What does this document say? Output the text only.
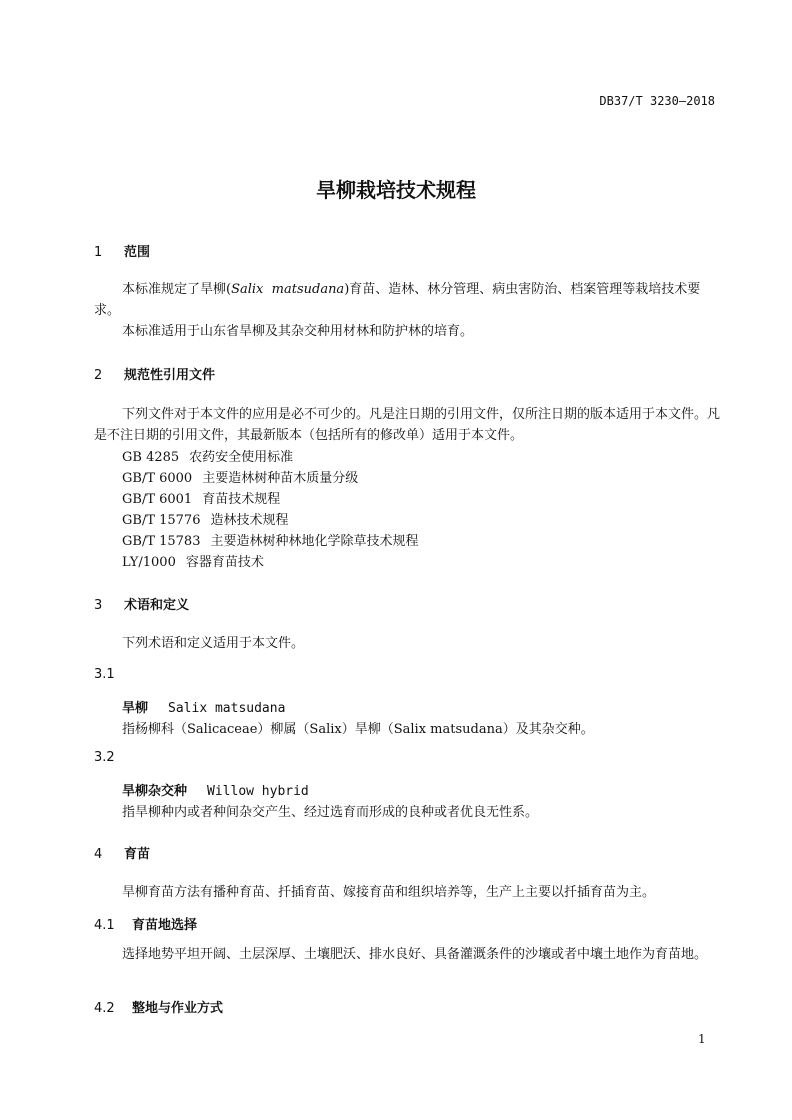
DB37/T 3230—2018
旱柳栽培技术规程
1 范围
本标准规定了旱柳(Salix  matsudana)育苗、造林、林分管理、病虫害防治、档案管理等栽培技术要求。
本标准适用于山东省旱柳及其杂交种用材林和防护林的培育。
2 规范性引用文件
下列文件对于本文件的应用是必不可少的。凡是注日期的引用文件，仅所注日期的版本适用于本文件。凡是不注日期的引用文件，其最新版本（包括所有的修改单）适用于本文件。
GB 4285 农药安全使用标准
GB/T 6000 主要造林树种苗木质量分级
GB/T 6001 育苗技术规程
GB/T 15776 造林技术规程
GB/T 15783 主要造林树种林地化学除草技术规程
LY/1000 容器育苗技术
3 术语和定义
下列术语和定义适用于本文件。
3.1
旱柳 Salix matsudana
指杨柳科（Salicaceae）柳属（Salix）旱柳（Salix matsudana）及其杂交种。
3.2
旱柳杂交种 Willow hybrid
指旱柳种内或者种间杂交产生、经过选育而形成的良种或者优良无性系。
4 育苗
旱柳育苗方法有播种育苗、扦插育苗、嫁接育苗和组织培养等，生产上主要以扦插育苗为主。
4.1 育苗地选择
选择地势平坦开阔、土层深厚、土壤肥沃、排水良好、具备灌溉条件的沙壤或者中壤土地作为育苗地。
4.2 整地与作业方式
1
